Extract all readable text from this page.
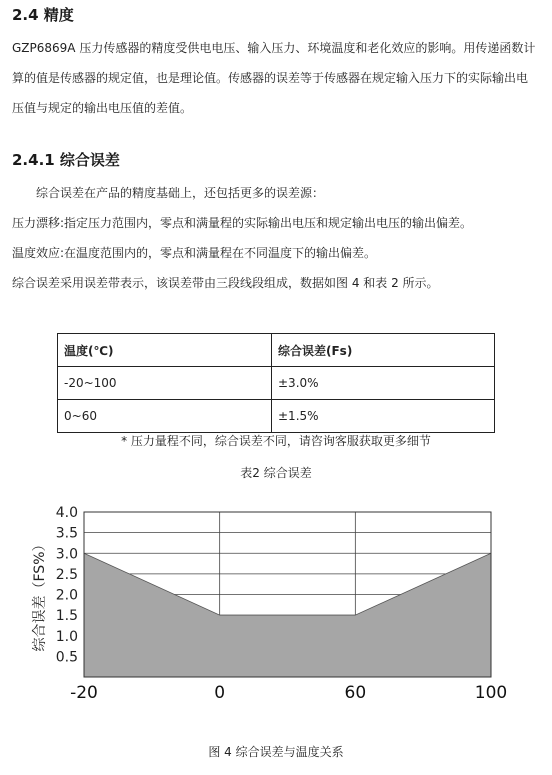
2.4 精度
GZP6869A 压力传感器的精度受供电电压、输入压力、环境温度和老化效应的影响。用传递函数计
算的值是传感器的规定值，也是理论值。传感器的误差等于传感器在规定输入压力下的实际输出电
压值与规定的输出电压值的差值。
2.4.1 综合误差
综合误差在产品的精度基础上，还包括更多的误差源：
压力漂移:指定压力范围内，零点和满量程的实际输出电压和规定输出电压的输出偏差。
温度效应:在温度范围内的，零点和满量程在不同温度下的输出偏差。
综合误差采用误差带表示，该误差带由三段线段组成，数据如图 4 和表 2 所示。
温度(℃)	综合误差(Fs)
-20~100	±3.0%
0~60	±1.5%
* 压力量程不同，综合误差不同，请咨询客服获取更多细节
表2 综合误差
0.5
1.0
1.5
2.0
2.5
3.0
3.5
4.0
-20	0	60	100
综合误差（FS%）
图 4 综合误差与温度关系
